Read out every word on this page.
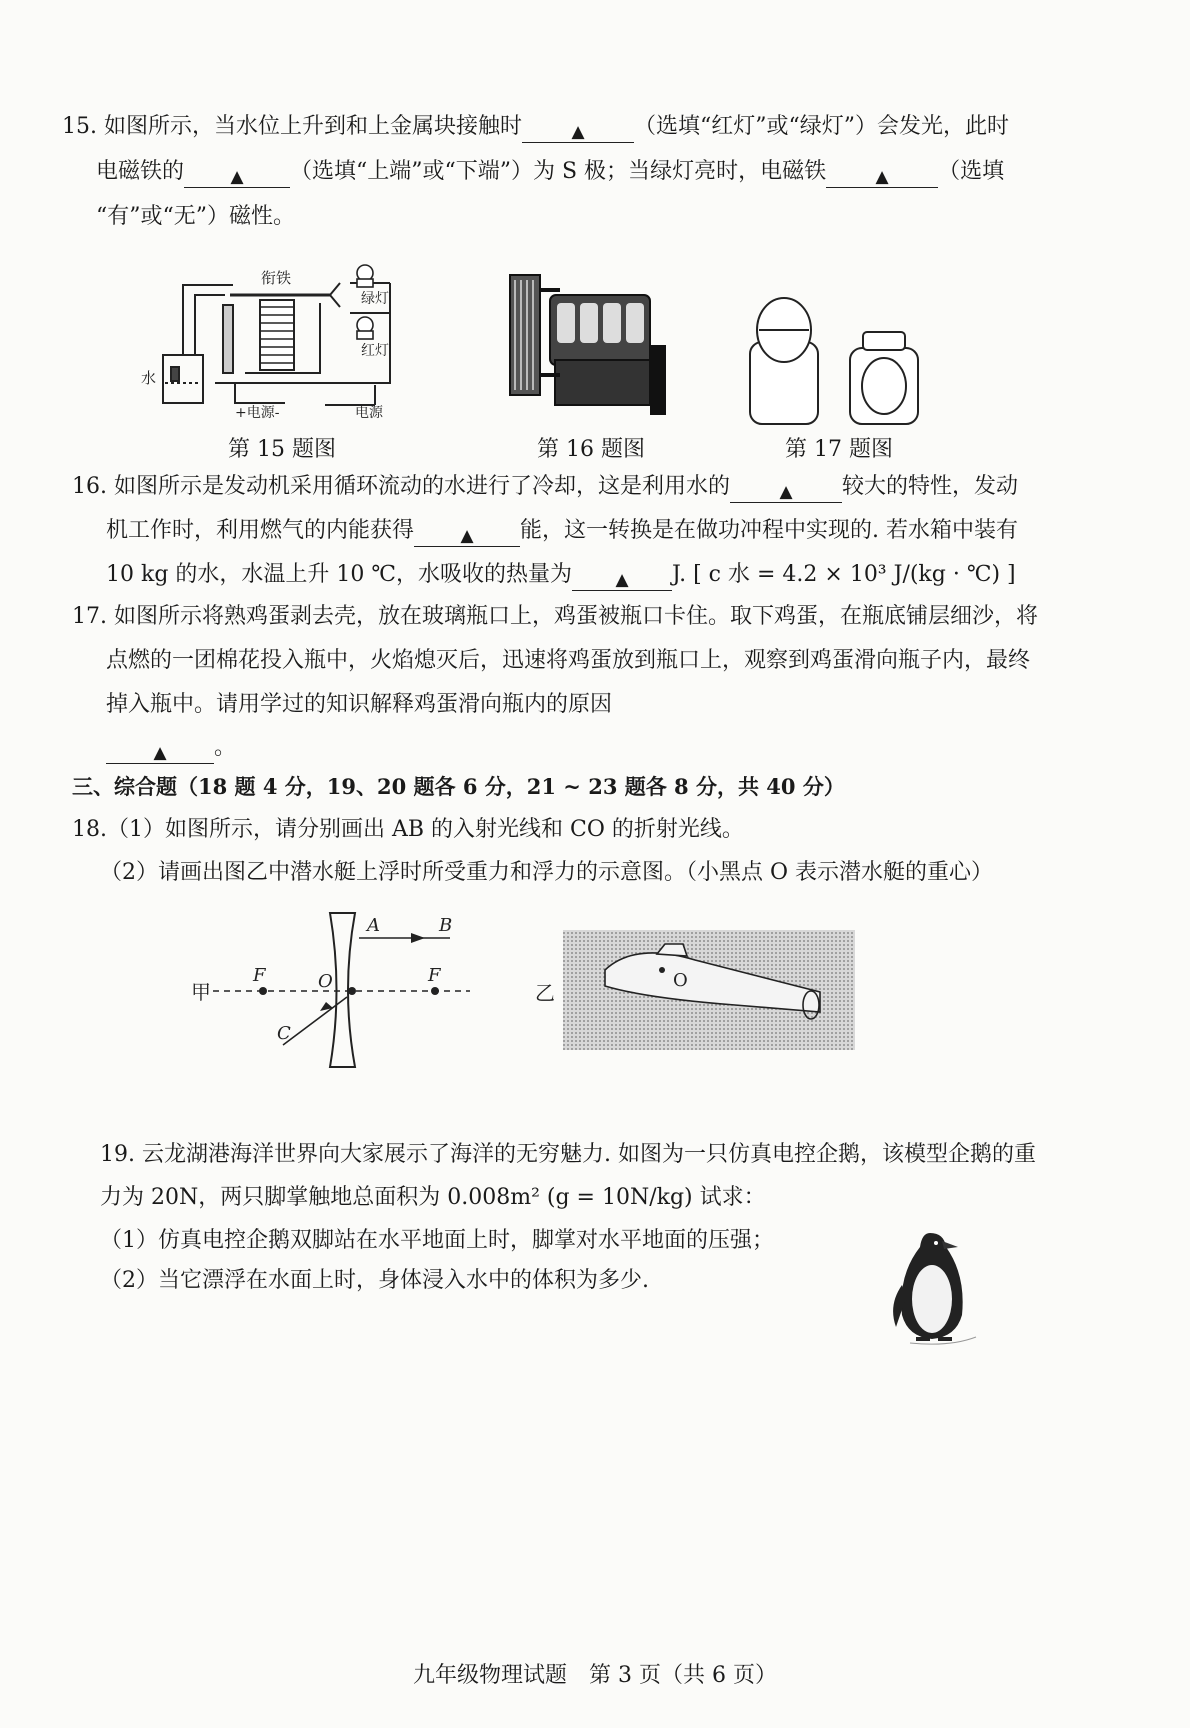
15. 如图所示，当水位上升到和上金属块接触时	▲ （选填“红灯”或“绿灯”）会发光，此时
电磁铁的	▲ （选填“上端”或“下端”）为 S 极；当绿灯亮时，电磁铁	▲ （选填
“有”或“无”）磁性。
衔铁
绿灯
红灯
水
+电源-	电源
第 15 题图	第 16 题图	第 17 题图
16. 如图所示是发动机采用循环流动的水进行了冷却，这是利用水的	▲ 较大的特性，发动
机工作时，利用燃气的内能获得	▲ 能，这一转换是在做功冲程中实现的. 若水箱中装有
10 kg 的水，水温上升 10 ℃，水吸收的热量为	▲ J. [ c 水 = 4.2 × 10³ J/(kg · ℃) ]
17. 如图所示将熟鸡蛋剥去壳，放在玻璃瓶口上，鸡蛋被瓶口卡住。取下鸡蛋，在瓶底铺层细沙，将
点燃的一团棉花投入瓶中，火焰熄灭后，迅速将鸡蛋放到瓶口上，观察到鸡蛋滑向瓶子内，最终
掉入瓶中。请用学过的知识解释鸡蛋滑向瓶内的原因
▲ 。
三、综合题（18 题 4 分，19、20 题各 6 分，21 ~ 23 题各 8 分，共 40 分）
18.（1）如图所示，请分别画出 AB 的入射光线和 CO 的折射光线。
（2）请画出图乙中潜水艇上浮时所受重力和浮力的示意图。（小黑点 O 表示潜水艇的重心）
甲
A	B
C
F	F
O	乙
O
19. 云龙湖港海洋世界向大家展示了海洋的无穷魅力. 如图为一只仿真电控企鹅，该模型企鹅的重
力为 20N，两只脚掌触地总面积为 0.008m² (g = 10N/kg) 试求：
（1）仿真电控企鹅双脚站在水平地面上时，脚掌对水平地面的压强；
（2）当它漂浮在水面上时，身体浸入水中的体积为多少.
九年级物理试题　第 3 页（共 6 页）
